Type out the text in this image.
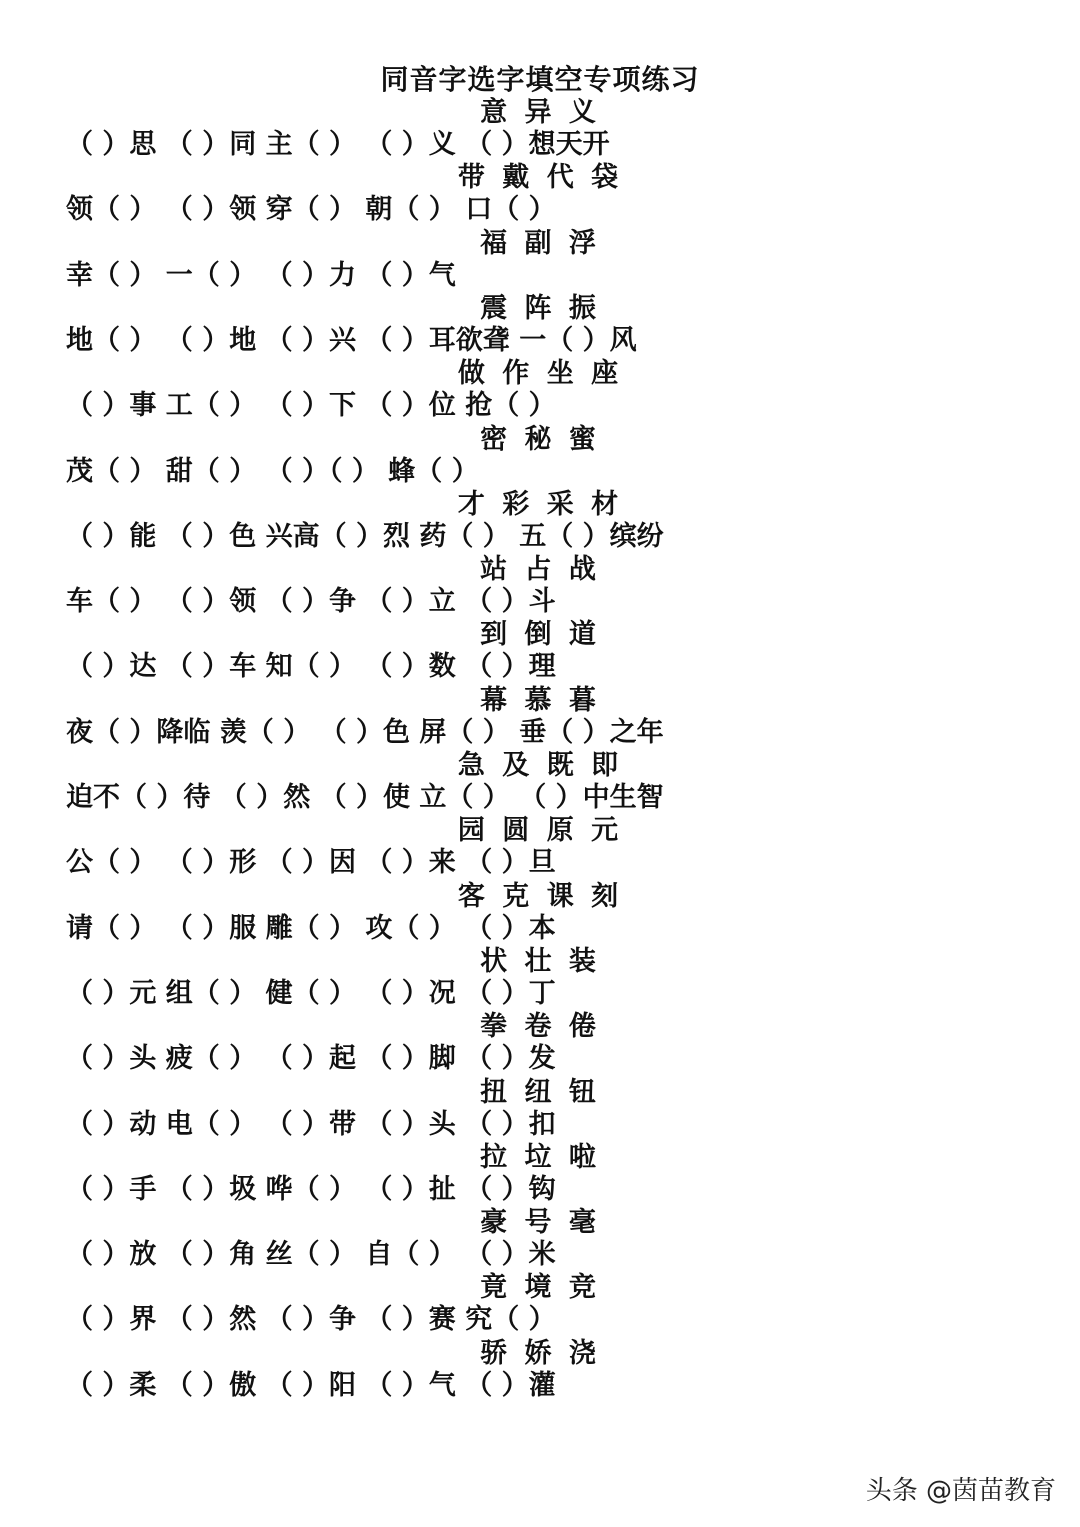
同音字选字填空专项练习
意 异 义
（ ）思 （ ）同 主（ ） （ ）义 （ ）想天开
带 戴 代 袋
领（ ） （ ）领 穿（ ） 朝（ ） 口（ ）
福 副 浮
幸（ ） 一（ ） （ ）力 （ ）气
震 阵 振
地（ ） （ ）地 （ ）兴 （ ）耳欲聋 一（ ）风
做 作 坐 座
（ ）事 工（ ） （ ）下 （ ）位 抢（ ）
密 秘 蜜
茂（ ） 甜（ ） （ ）（ ） 蜂（ ）
才 彩 采 材
（ ）能 （ ）色 兴高（ ）烈 药（ ） 五（ ）缤纷
站 占 战
车（ ） （ ）领 （ ）争 （ ）立 （ ）斗
到 倒 道
（ ）达 （ ）车 知（ ） （ ）数 （ ）理
幕 慕 暮
夜（ ）降临 羡（ ） （ ）色 屏（ ） 垂（ ）之年
急 及 既 即
迫不（ ）待 （ ）然 （ ）使 立（ ） （ ）中生智
园 圆 原 元
公（ ） （ ）形 （ ）因 （ ）来 （ ）旦
客 克 课 刻
请（ ） （ ）服 雕（ ） 攻（ ） （ ）本
状 壮 装
（ ）元 组（ ） 健（ ） （ ）况 （ ）丁
拳 卷 倦
（ ）头 疲（ ） （ ）起 （ ）脚 （ ）发
扭 纽 钮
（ ）动 电（ ） （ ）带 （ ）头 （ ）扣
拉 垃 啦
（ ）手 （ ）圾 哗（ ） （ ）扯 （ ）钩
豪 号 毫
（ ）放 （ ）角 丝（ ） 自（ ） （ ）米
竟 境 竞
（ ）界 （ ）然 （ ）争 （ ）赛 究（ ）
骄 娇 浇
（ ）柔 （ ）傲 （ ）阳 （ ）气 （ ）灌
头条 @茵苗教育
